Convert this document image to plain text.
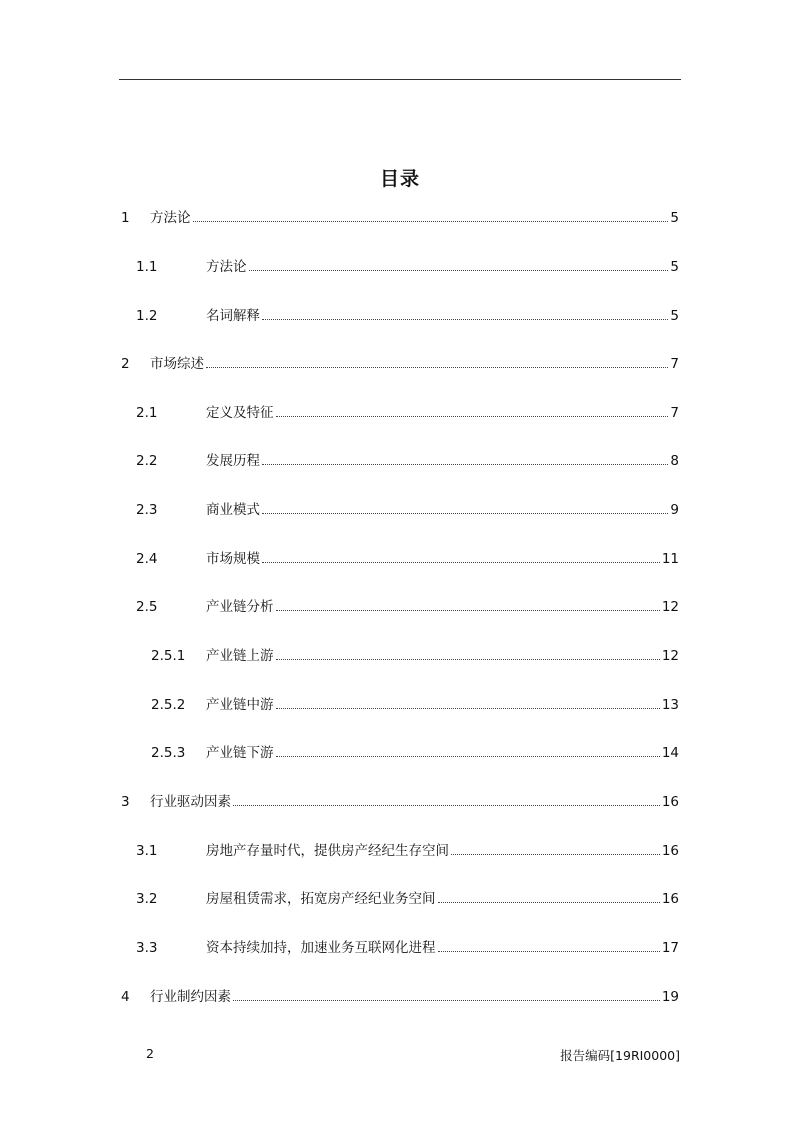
目录
1	方法论	5
1.1	方法论	5
1.2	名词解释	5
2	市场综述	7
2.1	定义及特征	7
2.2	发展历程	8
2.3	商业模式	9
2.4	市场规模	11
2.5	产业链分析	12
2.5.1	产业链上游	12
2.5.2	产业链中游	13
2.5.3	产业链下游	14
3	行业驱动因素	16
3.1	房地产存量时代，提供房产经纪生存空间	16
3.2	房屋租赁需求，拓宽房产经纪业务空间	16
3.3	资本持续加持，加速业务互联网化进程	17
4	行业制约因素	19
2	报告编码[19RI0000]
